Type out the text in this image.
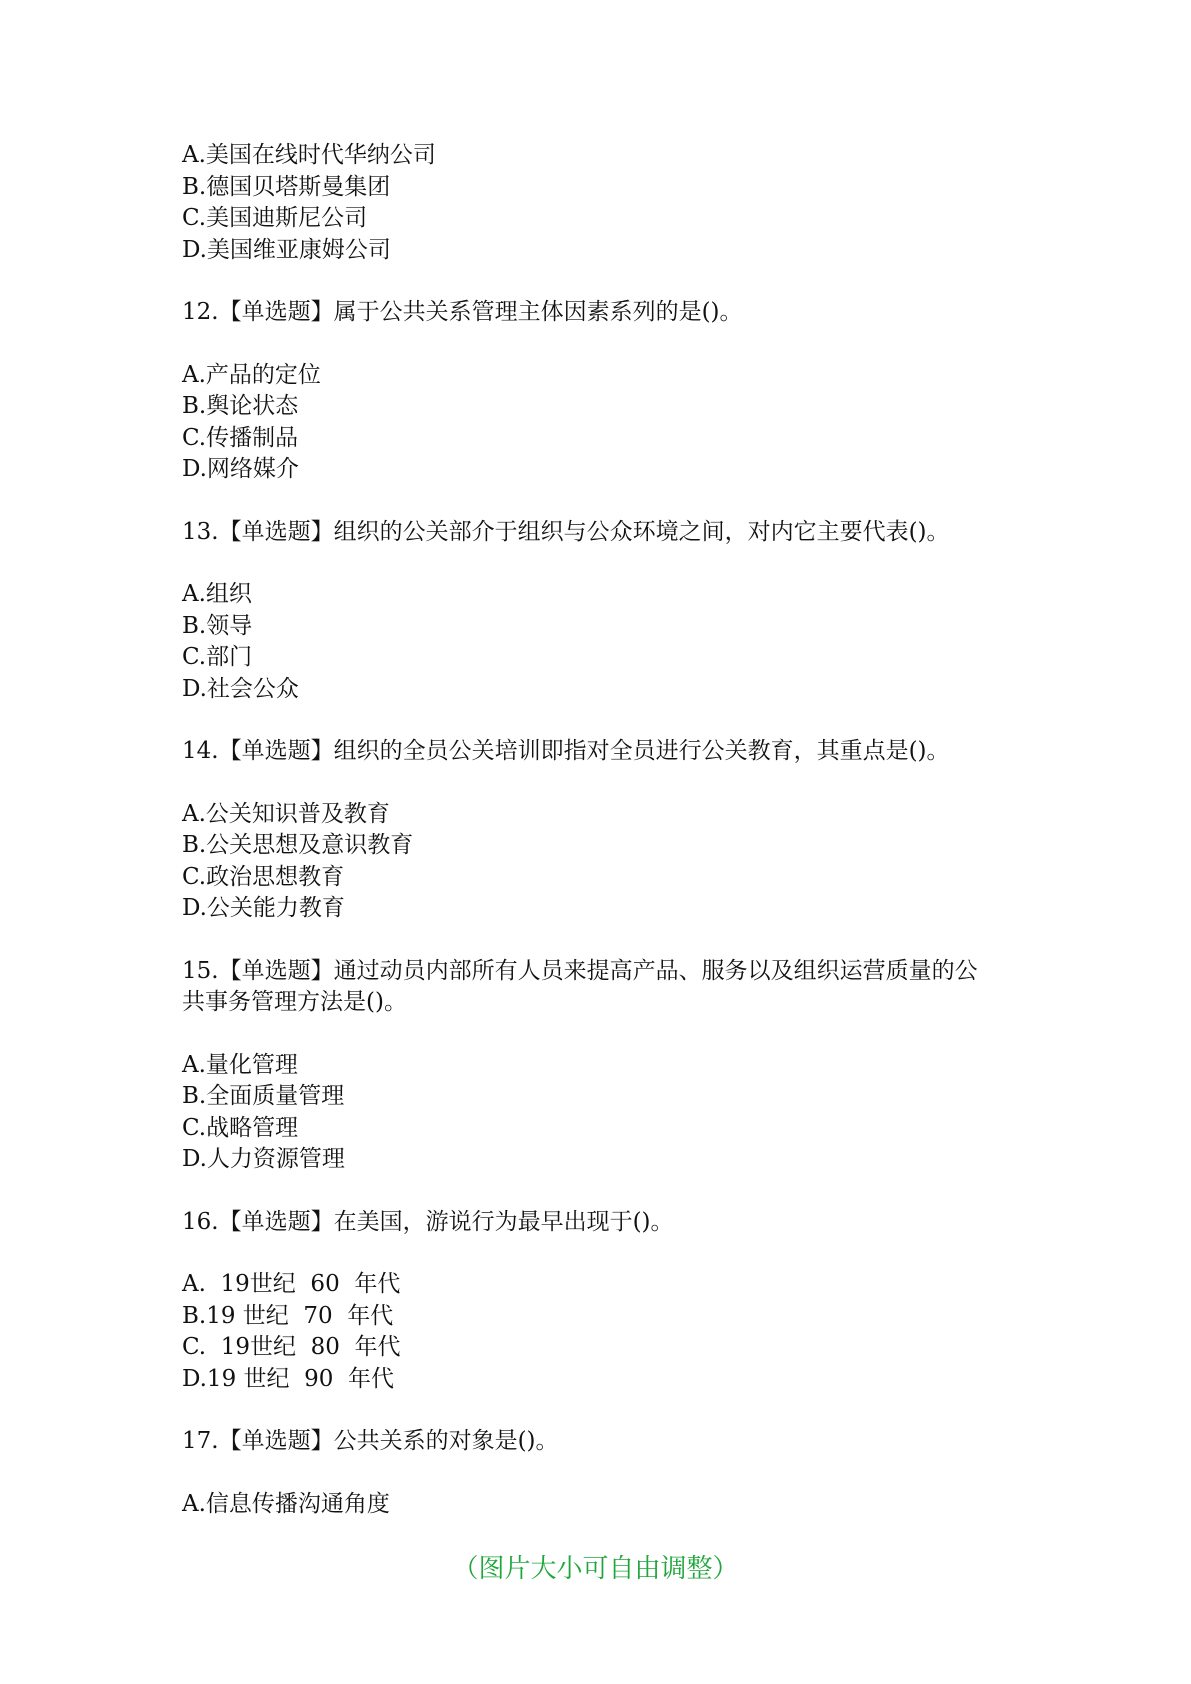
A.美国在线时代华纳公司
B.德国贝塔斯曼集团
C.美国迪斯尼公司
D.美国维亚康姆公司
12.【单选题】属于公共关系管理主体因素系列的是()。
A.产品的定位
B.舆论状态
C.传播制品
D.网络媒介
13.【单选题】组织的公关部介于组织与公众环境之间，对内它主要代表()。
A.组织
B.领导
C.部门
D.社会公众
14.【单选题】组织的全员公关培训即指对全员进行公关教育，其重点是()。
A.公关知识普及教育
B.公关思想及意识教育
C.政治思想教育
D.公关能力教育
15.【单选题】通过动员内部所有人员来提高产品、服务以及组织运营质量的公
共事务管理方法是()。
A.量化管理
B.全面质量管理
C.战略管理
D.人力资源管理
16.【单选题】在美国，游说行为最早出现于()。
A.  19世纪  60  年代
B.19 世纪  70  年代
C.  19世纪  80  年代
D.19 世纪  90  年代
17.【单选题】公共关系的对象是()。
A.信息传播沟通角度
（图片大小可自由调整）
